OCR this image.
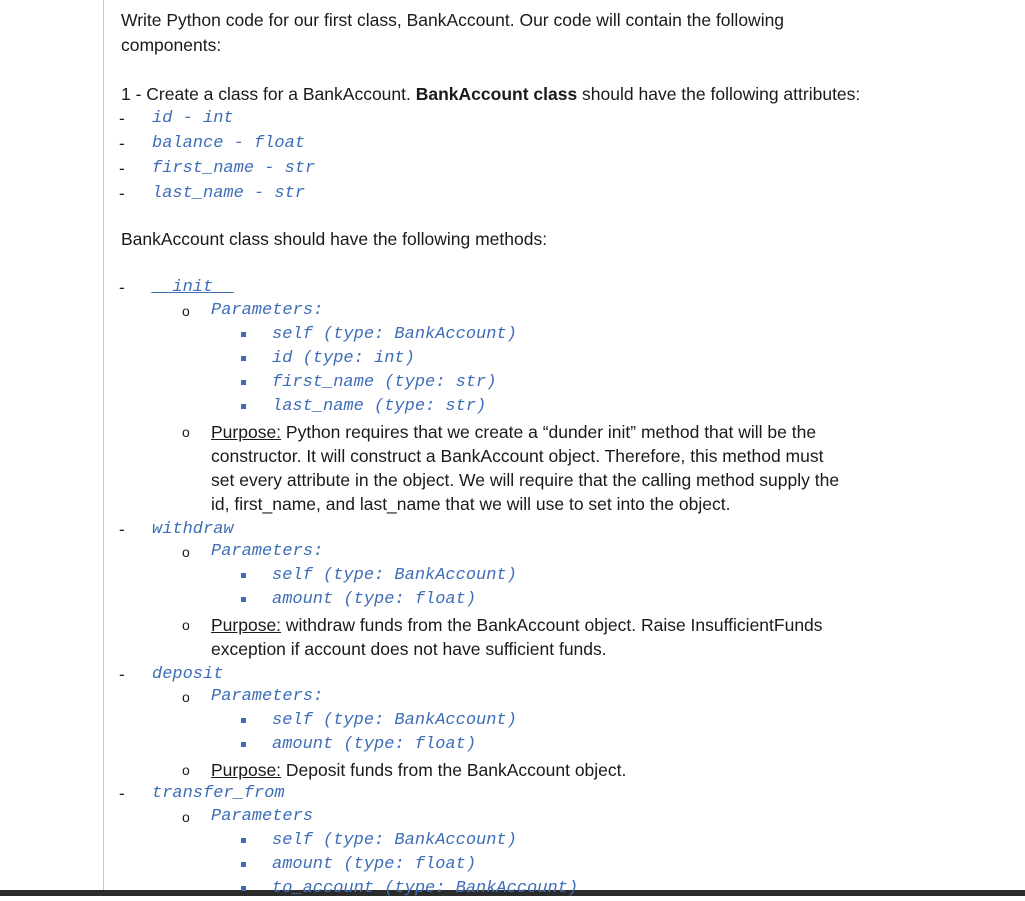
Write Python code for our first class, BankAccount. Our code will contain the following
components:
1 - Create a class for a BankAccount. BankAccount class should have the following attributes:
- id - int
- balance - float
- first_name - str
- last_name - str
BankAccount class should have the following methods:
- __init__
o Parameters:
self (type: BankAccount)
id (type: int)
first_name (type: str)
last_name (type: str)
o Purpose: Python requires that we create a “dunder init” method that will be the
constructor. It will construct a BankAccount object. Therefore, this method must
set every attribute in the object. We will require that the calling method supply the
id, first_name, and last_name that we will use to set into the object.
- withdraw
o Parameters:
self (type: BankAccount)
amount (type: float)
o Purpose: withdraw funds from the BankAccount object. Raise InsufficientFunds
exception if account does not have sufficient funds.
- deposit
o Parameters:
self (type: BankAccount)
amount (type: float)
o Purpose: Deposit funds from the BankAccount object.
- transfer_from
o Parameters
self (type: BankAccount)
amount (type: float)
to_account (type: BankAccount)
